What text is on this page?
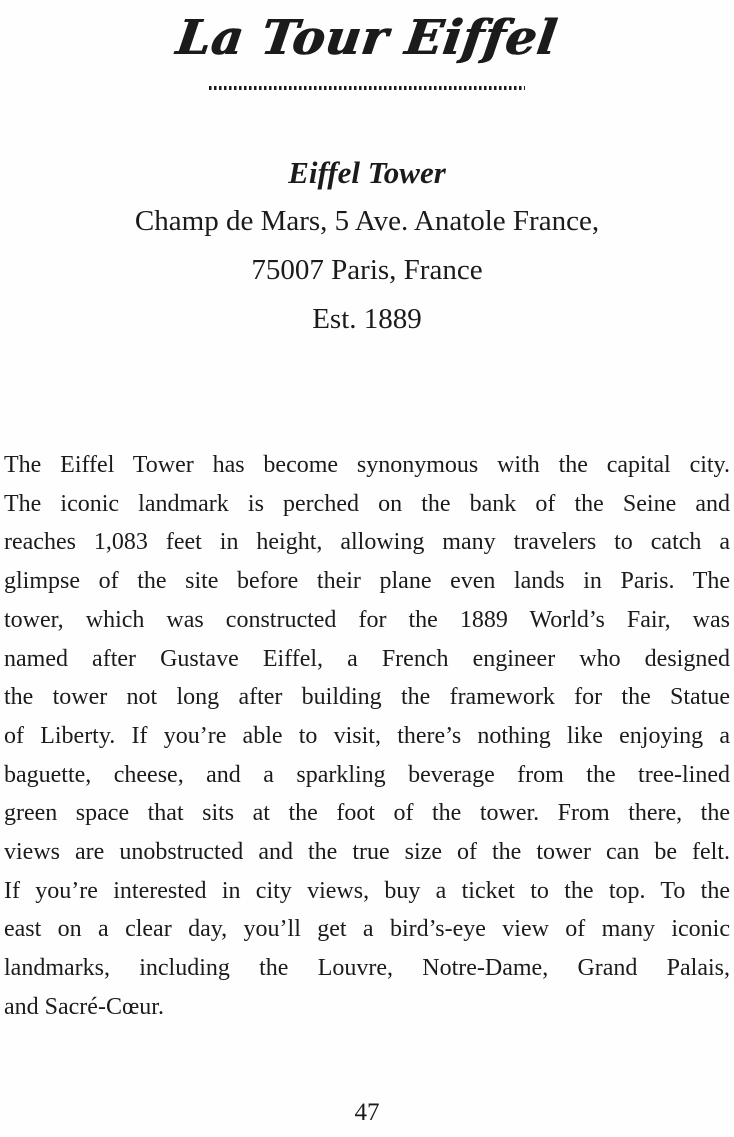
La Tour Eiffel
Eiffel Tower
Champ de Mars, 5 Ave. Anatole France,
75007 Paris, France
Est. 1889
The Eiffel Tower has become synonymous with the capital city.
The iconic landmark is perched on the bank of the Seine and
reaches 1,083 feet in height, allowing many travelers to catch a
glimpse of the site before their plane even lands in Paris. The
tower, which was constructed for the 1889 World’s Fair, was
named after Gustave Eiffel, a French engineer who designed
the tower not long after building the framework for the Statue
of Liberty. If you’re able to visit, there’s nothing like enjoying a
baguette, cheese, and a sparkling beverage from the tree-lined
green space that sits at the foot of the tower. From there, the
views are unobstructed and the true size of the tower can be felt.
If you’re interested in city views, buy a ticket to the top. To the
east on a clear day, you’ll get a bird’s-eye view of many iconic
landmarks, including the Louvre, Notre-Dame, Grand Palais,
and Sacré-Cœur.
47
